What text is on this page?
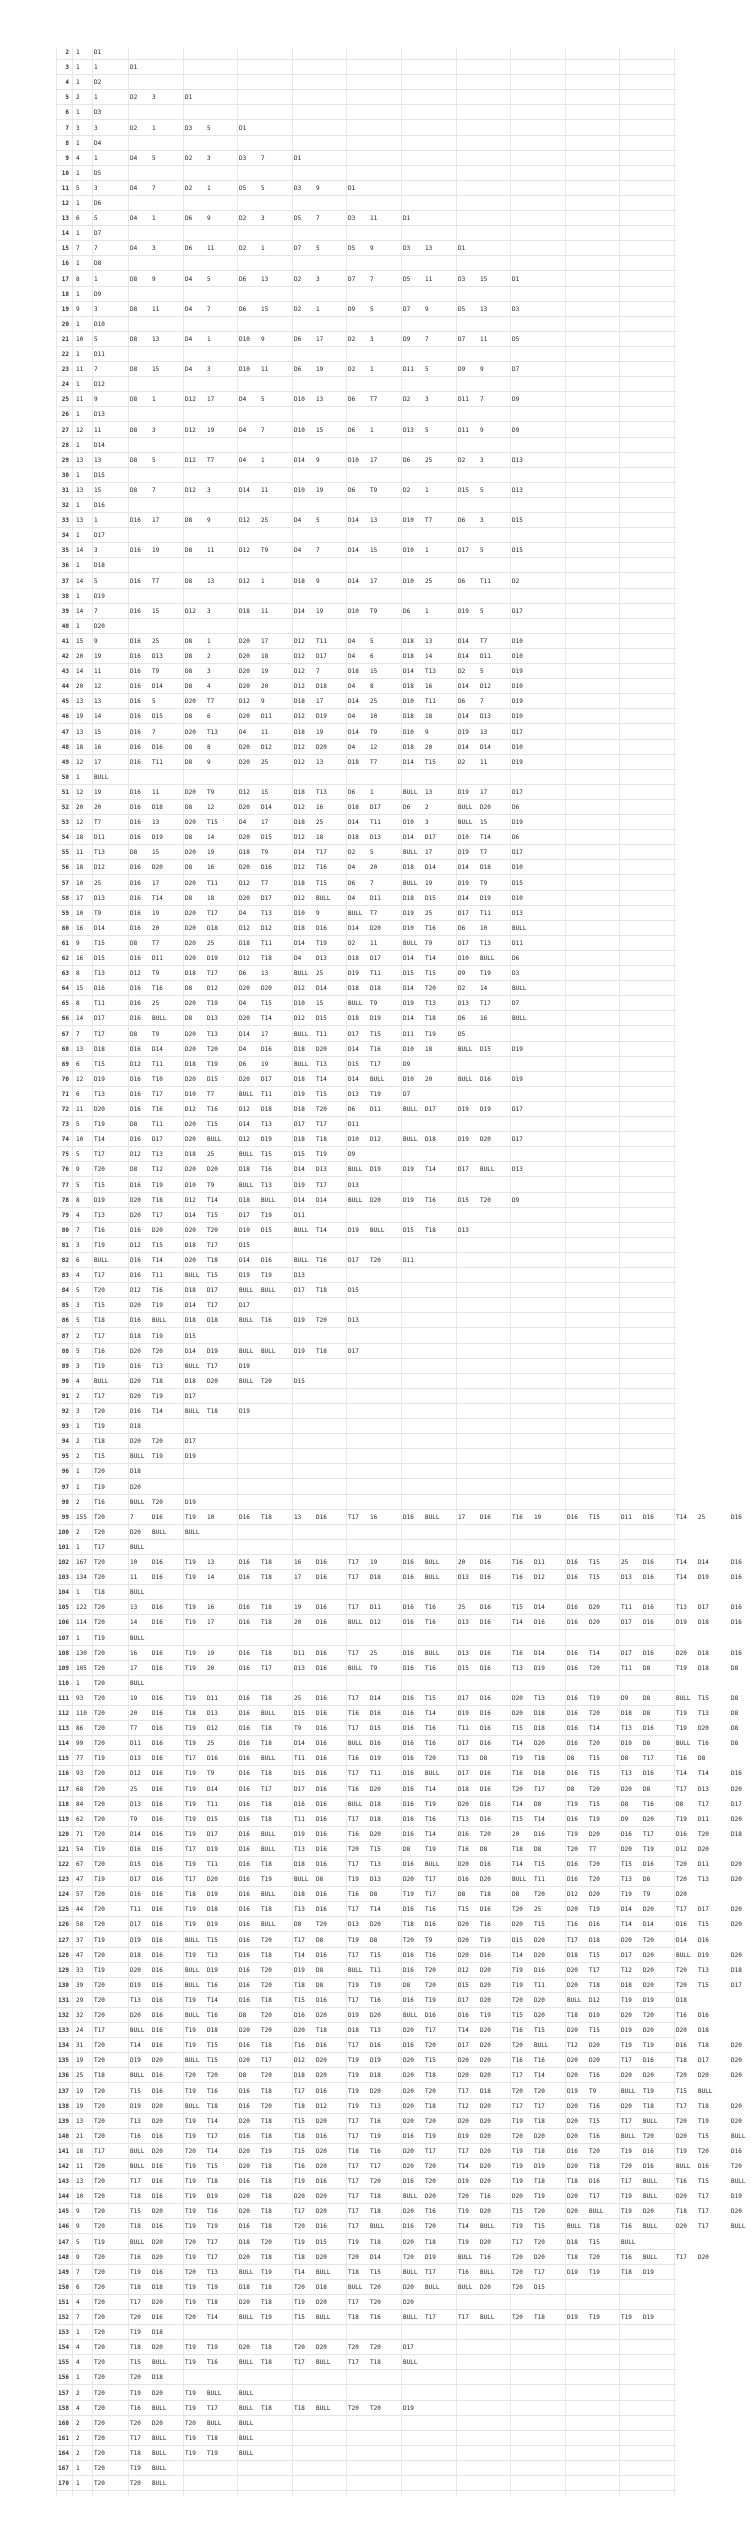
2 1	D1
3 1	1	D1
4 1	D2
5 2	1	D2	3	D1
6 1	D3
7 3	3	D2	1	D3	5	D1
8 1	D4
9 4	1	D4	5	D2	3	D3	7	D1
10 1	D5
11 5	3	D4	7	D2	1	D5	5	D3	9	D1
12 1	D6
13 6	5	D4	1	D6	9	D2	3	D5	7	D3	11	D1
14 1	D7
15 7	7	D4	3	D6	11	D2	1	D7	5	D5	9	D3	13	D1
16 1	D8
17 8	1	D8	9	D4	5	D6	13	D2	3	D7	7	D5	11	D3	15	D1
18 1	D9
19 9	3	D8	11	D4	7	D6	15	D2	1	D9	5	D7	9	D5	13	D3
20 1	D10
21 10	5	D8	13	D4	1	D10	9	D6	17	D2	3	D9	7	D7	11	D5
22 1	D11
23 11	7	D8	15	D4	3	D10	11	D6	19	D2	1	D11	5	D9	9	D7
24 1	D12
25 11	9	D8	1	D12	17	D4	5	D10	13	D6	T7	D2	3	D11	7	D9
26 1	D13
27 12	11	D8	3	D12	19	D4	7	D10	15	D6	1	D13	5	D11	9	D9
28 1	D14
29 13	13	D8	5	D12	T7	D4	1	D14	9	D10	17	D6	25	D2	3	D13
30 1	D15
31 13	15	D8	7	D12	3	D14	11	D10	19	D6	T9	D2	1	D15	5	D13
32 1	D16
33 13	1	D16	17	D8	9	D12	25	D4	5	D14	13	D10	T7	D6	3	D15
34 1	D17
35 14	3	D16	19	D8	11	D12	T9	D4	7	D14	15	D10	1	D17	5	D15
36 1	D18
37 14	5	D16	T7	D8	13	D12	1	D18	9	D14	17	D10	25	D6	T11	D2
38 1	D19
39 14	7	D16	15	D12	3	D18	11	D14	19	D10	T9	D6	1	D19	5	D17
40 1	D20
41 15	9	D16	25	D8	1	D20	17	D12	T11	D4	5	D18	13	D14	T7	D10
42 20	19	D16	D13	D8	2	D20	18	D12	D17	D4	6	D18	14	D14	D11	D10
43 14	11	D16	T9	D8	3	D20	19	D12	7	D18	15	D14	T13	D2	5	D19
44 20	12	D16	D14	D8	4	D20	20	D12	D18	D4	8	D18	16	D14	D12	D10
45 13	13	D16	5	D20	T7	D12	9	D18	17	D14	25	D10	T11	D6	7	D19
46 19	14	D16	D15	D8	6	D20	D11	D12	D19	D4	10	D18	18	D14	D13	D10
47 13	15	D16	7	D20	T13	D4	11	D18	19	D14	T9	D10	9	D19	13	D17
48 18	16	D16	D16	D8	8	D20	D12	D12	D20	D4	12	D18	20	D14	D14	D10
49 12	17	D16	T11	D8	9	D20	25	D12	13	D18	T7	D14	T15	D2	11	D19
50 1	BULL
51 12	19	D16	11	D20	T9	D12	15	D18	T13	D6	1	BULL	13	D19	17	D17
52 20	20	D16	D18	D8	12	D20	D14	D12	16	D18	D17	D6	2	BULL	D20	D6
53 12	T7	D16	13	D20	T15	D4	17	D18	25	D14	T11	D10	3	BULL	15	D19
54 18	D11	D16	D19	D8	14	D20	D15	D12	18	D18	D13	D14	D17	D10	T14	D6
55 11	T13	D8	15	D20	19	D18	T9	D14	T17	D2	5	BULL	17	D19	T7	D17
56 18	D12	D16	D20	D8	16	D20	D16	D12	T16	D4	20	D18	D14	D14	D18	D10
57 10	25	D16	17	D20	T11	D12	T7	D18	T15	D6	7	BULL	19	D19	T9	D15
58 17	D13	D16	T14	D8	18	D20	D17	D12	BULL	D4	D11	D18	D15	D14	D19	D10
59 10	T9	D16	19	D20	T17	D4	T13	D10	9	BULL	T7	D19	25	D17	T11	D13
60 16	D14	D16	20	D20	D18	D12	D12	D18	D16	D14	D20	D10	T16	D6	10	BULL
61 9	T15	D8	T7	D20	25	D18	T11	D14	T19	D2	11	BULL	T9	D17	T13	D11
62 16	D15	D16	D11	D20	D19	D12	T18	D4	D13	D18	D17	D14	T14	D10	BULL	D6
63 8	T13	D12	T9	D18	T17	D6	13	BULL	25	D19	T11	D15	T15	D9	T19	D3
64 15	D16	D16	T16	D8	D12	D20	D20	D12	D14	D18	D18	D14	T20	D2	14	BULL
65 8	T11	D16	25	D20	T19	D4	T15	D10	15	BULL	T9	D19	T13	D13	T17	D7
66 14	D17	D16	BULL	D8	D13	D20	T14	D12	D15	D18	D19	D14	T18	D6	16	BULL
67 7	T17	D8	T9	D20	T13	D14	17	BULL	T11	D17	T15	D11	T19	D5
68 13	D18	D16	D14	D20	T20	D4	D16	D18	D20	D14	T16	D10	18	BULL	D15	D19
69 6	T15	D12	T11	D18	T19	D6	19	BULL	T13	D15	T17	D9
70 12	D19	D16	T10	D20	D15	D20	D17	D18	T14	D14	BULL	D10	20	BULL	D16	D19
71 6	T13	D16	T17	D10	T7	BULL	T11	D19	T15	D13	T19	D7
72 11	D20	D16	T16	D12	T16	D12	D18	D18	T20	D6	D11	BULL	D17	D19	D19	D17
73 5	T19	D8	T11	D20	T15	D14	T13	D17	T17	D11
74 10	T14	D16	D17	D20	BULL	D12	D19	D18	T18	D10	D12	BULL	D18	D19	D20	D17
75 5	T17	D12	T13	D18	25	BULL	T15	D15	T19	D9
76 9	T20	D8	T12	D20	D20	D18	T16	D14	D13	BULL	D19	D19	T14	D17	BULL	D13
77 5	T15	D16	T19	D10	T9	BULL	T13	D19	T17	D13
78 8	D19	D20	T18	D12	T14	D18	BULL	D14	D14	BULL	D20	D19	T16	D15	T20	D9
79 4	T13	D20	T17	D14	T15	D17	T19	D11
80 7	T16	D16	D20	D20	T20	D10	D15	BULL	T14	D19	BULL	D15	T18	D13
81 3	T19	D12	T15	D18	T17	D15
82 6	BULL	D16	T14	D20	T18	D14	D16	BULL	T16	D17	T20	D11
83 4	T17	D16	T11	BULL	T15	D19	T19	D13
84 5	T20	D12	T16	D18	D17	BULL	BULL	D17	T18	D15
85 3	T15	D20	T19	D14	T17	D17
86 5	T18	D16	BULL	D18	D18	BULL	T16	D19	T20	D13
87 2	T17	D18	T19	D15
88 5	T16	D20	T20	D14	D19	BULL	BULL	D19	T18	D17
89 3	T19	D16	T13	BULL	T17	D19
90 4	BULL	D20	T18	D18	D20	BULL	T20	D15
91 2	T17	D20	T19	D17
92 3	T20	D16	T14	BULL	T18	D19
93 1	T19	D18
94 2	T18	D20	T20	D17
95 2	T15	BULL	T19	D19
96 1	T20	D18
97 1	T19	D20
98 2	T16	BULL	T20	D19
99 155	T20	7	D16	T19	10	D16	T18	13	D16	T17	16	D16	BULL	17	D16	T16	19	D16	T15	D11	D16	T14	25	D16
100 2	T20	D20	BULL	BULL
101 1	T17	BULL
102 167	T20	10	D16	T19	13	D16	T18	16	D16	T17	19	D16	BULL	20	D16	T16	D11	D16	T15	25	D16	T14	D14	D16
103 134	T20	11	D16	T19	14	D16	T18	17	D16	T17	D18	D16	BULL	D13	D16	T16	D12	D16	T15	D13	D16	T14	D19	D16
104 1	T18	BULL
105 122	T20	13	D16	T19	16	D16	T18	19	D16	T17	D11	D16	T16	25	D16	T15	D14	D16	D20	T11	D16	T13	D17	D16
106 114	T20	14	D16	T19	17	D16	T18	20	D16	BULL	D12	D16	T16	D13	D16	T14	D16	D16	D20	D17	D16	D19	D18	D16
107 1	T19	BULL
108 130	T20	16	D16	T19	19	D16	T18	D11	D16	T17	25	D16	BULL	D13	D16	T16	D14	D16	T14	D17	D16	D20	D18	D16
109 105	T20	17	D16	T19	20	D16	T17	D13	D16	BULL	T9	D16	T16	D15	D16	T13	D19	D16	T20	T11	D8	T19	D18	D8
110 1	T20	BULL
111 93	T20	19	D16	T19	D11	D16	T18	25	D16	T17	D14	D16	T15	D17	D16	D20	T13	D16	T19	D9	D8	BULL	T15	D8
112 110	T20	20	D16	T18	D13	D16	BULL	D15	D16	T16	D16	D16	T14	D19	D16	D20	D18	D16	T20	D18	D8	T19	T13	D8
113 86	T20	T7	D16	T19	D12	D16	T18	T9	D16	T17	D15	D16	T16	T11	D16	T15	D18	D16	T14	T13	D16	T19	D20	D8
114 99	T20	D11	D16	T19	25	D16	T18	D14	D16	BULL	D16	D16	T16	D17	D16	T14	D20	D16	T20	D19	D8	BULL	T16	D8
115 77	T19	D13	D16	T17	D16	D16	BULL	T11	D16	T16	D19	D16	T20	T13	D8	T19	T18	D8	T15	D8	T17	T16	D8
116 93	T20	D12	D16	T19	T9	D16	T18	D15	D16	T17	T11	D16	BULL	D17	D16	T16	D18	D16	T15	T13	D16	T14	T14	D16
117 68	T20	25	D16	T19	D14	D16	T17	D17	D16	T16	D20	D16	T14	D18	D16	T20	T17	D8	T20	D20	D8	T17	D13	D20
118 84	T20	D13	D16	T19	T11	D16	T18	D16	D16	BULL	D18	D16	T19	D20	D16	T14	D8	T19	T15	D8	T16	D8	T17	D17
119 62	T20	T9	D16	T19	D15	D16	T18	T11	D16	T17	D18	D16	T16	T13	D16	T15	T14	D16	T19	D9	D20	T19	D11	D20
120 71	T20	D14	D16	T19	D17	D16	BULL	D19	D16	T16	D20	D16	T14	D16	T20	20	D16	T19	D20	D16	T17	D16	T20	D18
121 54	T19	D16	D16	T17	D19	D16	BULL	T13	D16	T20	T15	D8	T19	T16	D8	T18	D8	T20	T7	D20	T19	D12	D20
122 67	T20	D15	D16	T19	T11	D16	T18	D18	D16	T17	T13	D16	BULL	D20	D16	T14	T15	D16	T20	T15	D16	T20	D11	D20
123 47	T19	D17	D16	T17	D20	D16	T19	BULL	D8	T19	D13	D20	T17	D16	D20	BULL	T11	D16	T20	T13	D8	T20	T13	D20
124 57	T20	D16	D16	T18	D19	D16	BULL	D18	D16	T16	D8	T19	T17	D8	T18	D8	T20	D12	D20	T19	T9	D20
125 44	T20	T11	D16	T19	D18	D16	T18	T13	D16	T17	T14	D16	T16	T15	D16	T20	25	D20	T19	D14	D20	T17	D17	D20
126 58	T20	D17	D16	T19	D19	D16	BULL	D8	T20	D13	D20	T18	D16	D20	T16	D20	T15	T16	D16	T14	D14	D16	T15	D20
127 37	T19	D19	D16	BULL	T15	D16	T20	T17	D8	T19	D8	T20	T9	D20	T19	D15	D20	T17	D18	D20	T20	D14	D16
128 47	T20	D18	D16	T19	T13	D16	T18	T14	D16	T17	T15	D16	T16	D20	D16	T14	D20	D18	T15	D17	D20	BULL	D19	D20
129 33	T19	D20	D16	BULL	D19	D16	T20	D19	D8	BULL	T11	D16	T20	D12	D20	T19	D16	D20	T17	T12	D20	T20	T13	D18
130 39	T20	D19	D16	BULL	T16	D16	T20	T18	D8	T19	T19	D8	T20	D15	D20	T19	T11	D20	T18	D18	D20	T20	T15	D17
131 29	T20	T13	D16	T19	T14	D16	T18	T15	D16	T17	T16	D16	T19	D17	D20	T20	D20	BULL	D12	T19	D19	D18
132 32	T20	D20	D16	BULL	T16	D8	T20	D16	D20	D19	D20	BULL	D16	D16	T19	T15	D20	T18	D19	D20	T20	T16	D16
133 24	T17	BULL	D16	T19	D18	D20	T20	D20	T18	D18	T13	D20	T17	T14	D20	T16	T15	D20	T15	D19	D20	D20	D18
134 31	T20	T14	D16	T19	T15	D16	T18	T16	D16	T17	D16	D16	T20	D17	D20	T20	BULL	T12	D20	T19	T19	D16	T18	D20
135 19	T20	D19	D20	BULL	T15	D20	T17	D12	D20	T19	D19	D20	T15	D20	D20	T16	T16	D20	D20	T17	D16	T18	D17	D20
136 25	T18	BULL	D16	T20	T20	D8	T20	D18	D20	T19	D18	D20	T18	D20	D20	T17	T14	D20	T16	D20	D20	T20	D20	D20
137 19	T20	T15	D16	T19	T16	D16	T18	T17	D16	T19	D20	D20	T20	T17	D18	T20	T20	D19	T9	BULL	T19	T15	BULL
138 19	T20	D19	D20	BULL	T18	D16	T20	T18	D12	T19	T13	D20	T18	T12	D20	T17	T17	D20	T16	D20	T18	T17	T18	D20
139 13	T20	T13	D20	T19	T14	D20	T18	T15	D20	T17	T16	D20	T20	D20	D20	T19	T18	D20	T15	T17	BULL	T20	T19	D20
140 21	T20	T16	D16	T19	T17	D16	T18	T18	D16	T17	T19	D16	T19	D19	D20	T20	D20	D20	T16	BULL	T20	D20	T15	BULL
141 18	T17	BULL	D20	T20	T14	D20	T19	T15	D20	T18	T16	D20	T17	T17	D20	T19	T18	D16	T20	T19	D16	T19	T20	D16
142 11	T20	BULL	D16	T19	T15	D20	T18	T16	D20	T17	T17	D20	T20	T14	D20	T19	D19	D20	T18	T20	D16	BULL	D16	T20
143 13	T20	T17	D16	T19	T18	D16	T18	T19	D16	T17	T20	D16	T20	D19	D20	T19	T18	T18	D16	T17	BULL	T16	T15	BULL
144 10	T20	T18	D16	T19	D19	D20	T18	D20	D20	T17	T18	BULL	D20	T20	T16	D20	T19	D20	T17	T19	BULL	D20	T17	D19
145 9	T20	T15	D20	T19	T16	D20	T18	T17	D20	T17	T18	D20	T16	T19	D20	T15	T20	D20	BULL	T19	D20	T18	T17	D20
146 9	T20	T18	D16	T19	T19	D16	T18	T20	D16	T17	BULL	D16	T20	T14	BULL	T19	T15	BULL	T18	T16	BULL	D20	T17	BULL
147 5	T19	BULL	D20	T20	T17	D18	T20	T19	D15	T19	T18	D20	T18	T19	D20	T17	T20	D18	T15	BULL
148 9	T20	T16	D20	T19	T17	D20	T18	T18	D20	T20	D14	T20	D19	BULL	T16	T20	D20	T18	T20	T16	BULL	T17	D20
149 7	T20	T19	D16	T20	T13	BULL	T19	T14	BULL	T18	T15	BULL	T17	T16	BULL	T20	T17	D19	T19	T18	D19
150 6	T20	T18	D18	T19	T19	D18	T18	T20	D18	BULL	T20	D20	BULL	BULL	D20	T20	D15
151 4	T20	T17	D20	T19	T18	D20	T18	T19	D20	T17	T20	D20
152 7	T20	T20	D16	T20	T14	BULL	T19	T15	BULL	T18	T16	BULL	T17	T17	BULL	T20	T18	D19	T19	T19	D19
153 1	T20	T19	D18
154 4	T20	T18	D20	T19	T19	D20	T18	T20	D20	T20	T20	D17
155 4	T20	T15	BULL	T19	T16	BULL	T18	T17	BULL	T17	T18	BULL
156 1	T20	T20	D18
157 2	T20	T19	D20	T19	BULL	BULL
158 4	T20	T16	BULL	T19	T17	BULL	T18	T18	BULL	T20	T20	D19
160 2	T20	T20	D20	T20	BULL	BULL
161 2	T20	T17	BULL	T19	T18	BULL
164 2	T20	T18	BULL	T19	T19	BULL
167 1	T20	T19	BULL
170 1	T20	T20	BULL
